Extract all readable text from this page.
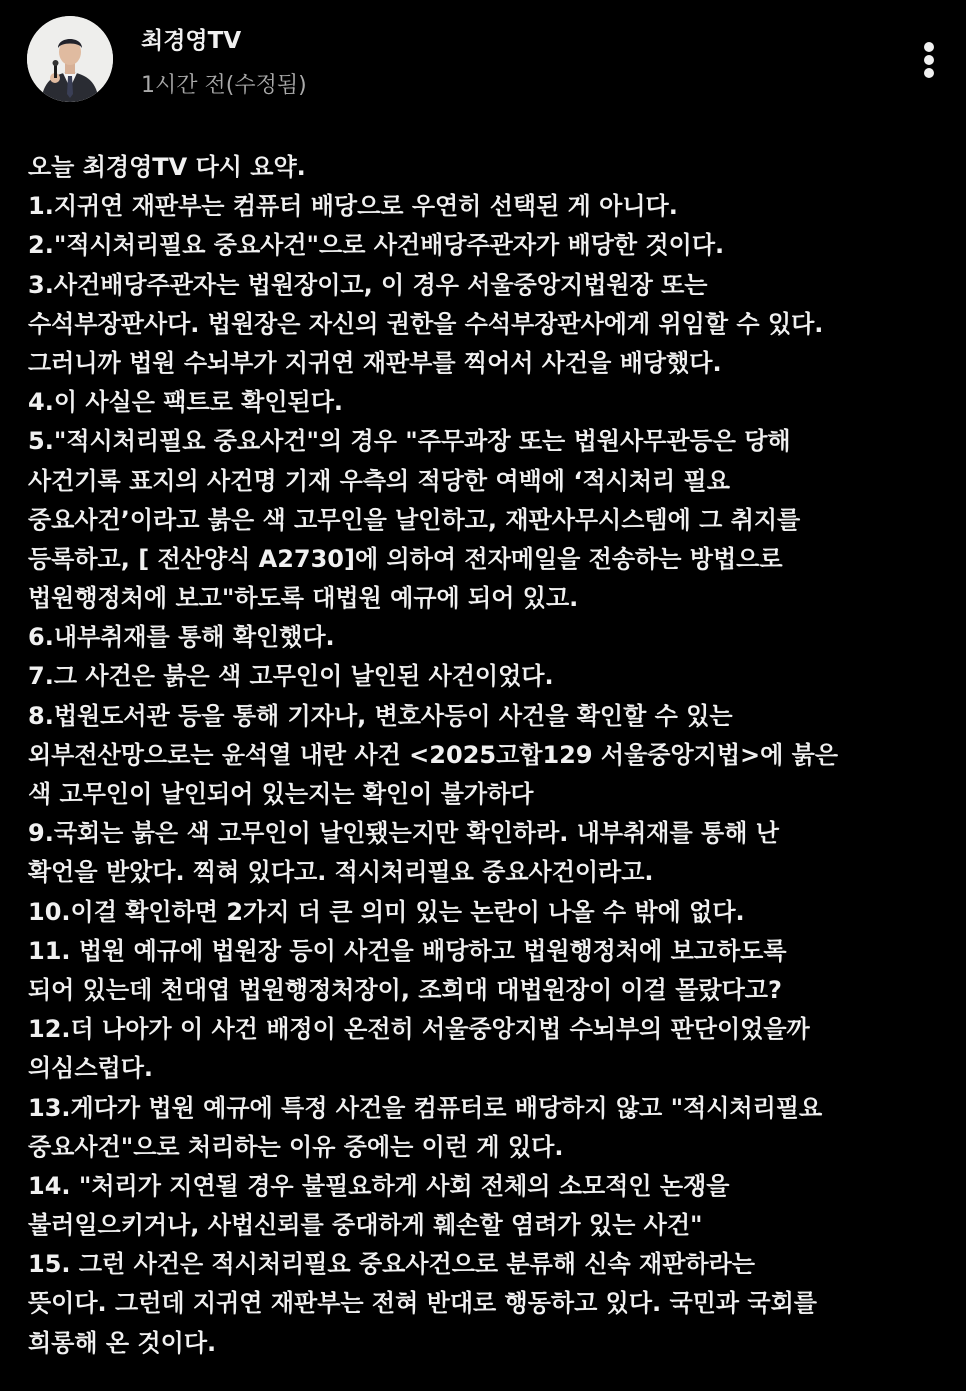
최경영TV
1시간 전(수정됨)
오늘 최경영TV 다시 요약.
1.지귀연 재판부는 컴퓨터 배당으로 우연히 선택된 게 아니다.
2."적시처리필요 중요사건"으로 사건배당주관자가 배당한 것이다.
3.사건배당주관자는 법원장이고, 이 경우 서울중앙지법원장 또는
수석부장판사다. 법원장은 자신의 권한을 수석부장판사에게 위임할 수 있다.
그러니까 법원 수뇌부가 지귀연 재판부를 찍어서 사건을 배당했다.
4.이 사실은 팩트로 확인된다.
5."적시처리필요 중요사건"의 경우 "주무과장 또는 법원사무관등은 당해
사건기록 표지의 사건명 기재 우측의 적당한 여백에 ‘적시처리 필요
중요사건’이라고 붉은 색 고무인을 날인하고, 재판사무시스템에 그 취지를
등록하고, [ 전산양식 A2730]에 의하여 전자메일을 전송하는 방법으로
법원행정처에 보고"하도록 대법원 예규에 되어 있고.
6.내부취재를 통해 확인했다.
7.그 사건은 붉은 색 고무인이 날인된 사건이었다.
8.법원도서관 등을 통해 기자나, 변호사등이 사건을 확인할 수 있는
외부전산망으로는 윤석열 내란 사건 <2025고합129 서울중앙지법>에 붉은
색 고무인이 날인되어 있는지는 확인이 불가하다
9.국회는 붉은 색 고무인이 날인됐는지만 확인하라. 내부취재를 통해 난
확언을 받았다. 찍혀 있다고. 적시처리필요 중요사건이라고.
10.이걸 확인하면 2가지 더 큰 의미 있는 논란이 나올 수 밖에 없다.
11. 법원 예규에 법원장 등이 사건을 배당하고 법원행정처에 보고하도록
되어 있는데 천대엽 법원행정처장이, 조희대 대법원장이 이걸 몰랐다고?
12.더 나아가 이 사건 배정이 온전히 서울중앙지법 수뇌부의 판단이었을까
의심스럽다.
13.게다가 법원 예규에 특정 사건을 컴퓨터로 배당하지 않고 "적시처리필요
중요사건"으로 처리하는 이유 중에는 이런 게 있다.
14. "처리가 지연될 경우 불필요하게 사회 전체의 소모적인 논쟁을
불러일으키거나, 사법신뢰를 중대하게 훼손할 염려가 있는 사건"
15. 그런 사건은 적시처리필요 중요사건으로 분류해 신속 재판하라는
뜻이다. 그런데 지귀연 재판부는 전혀 반대로 행동하고 있다. 국민과 국회를
희롱해 온 것이다.
